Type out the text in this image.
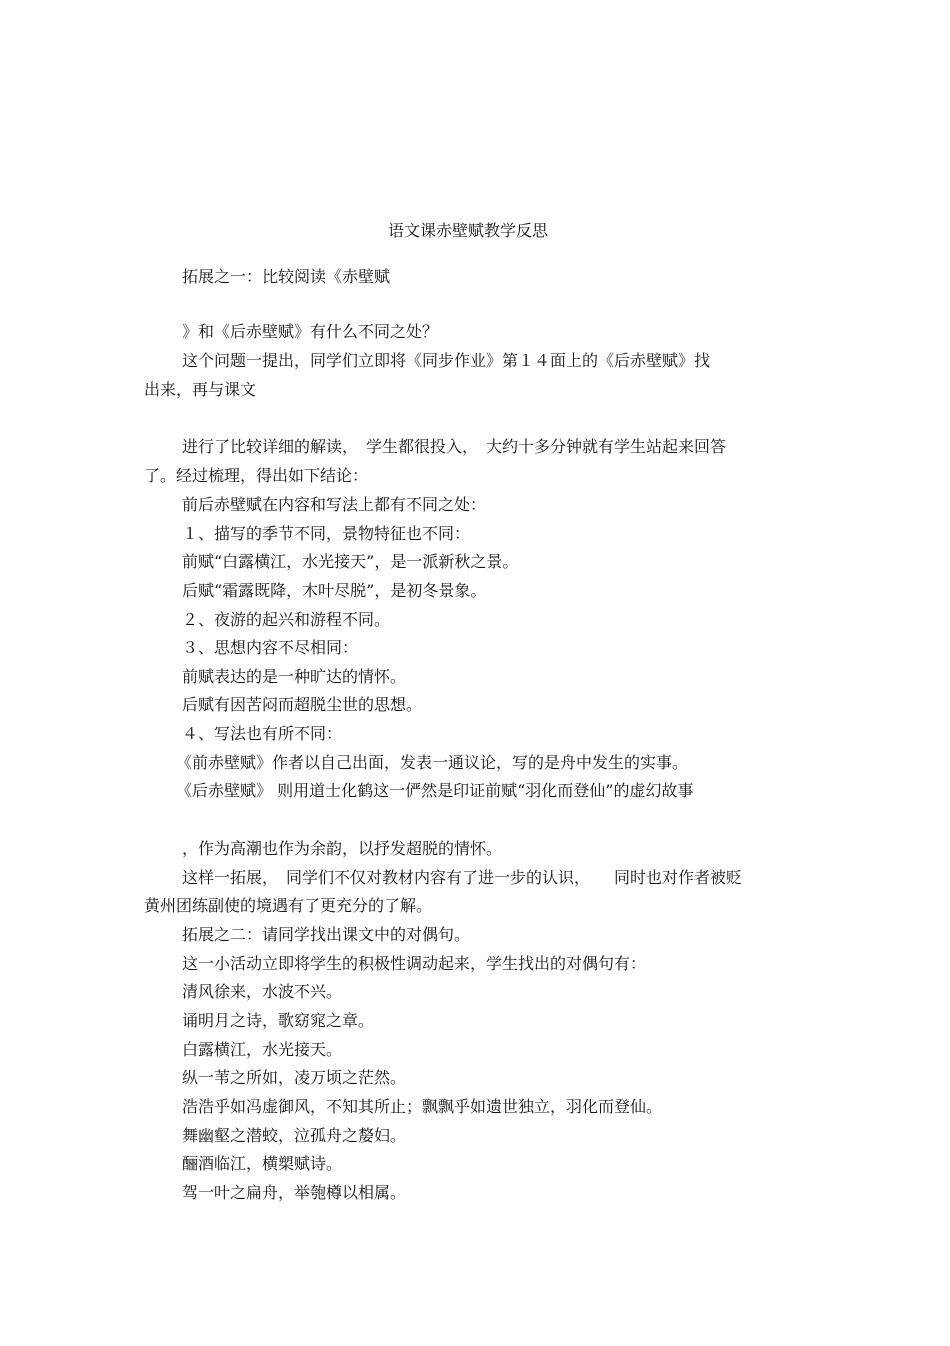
语文课赤壁赋教学反思
拓展之一：比较阅读《赤壁赋
》和《后赤壁赋》有什么不同之处？
这个问题一提出，同学们立即将《同步作业》第１４面上的《后赤壁赋》找
出来，再与课文
进行了比较详细的解读，　学生都很投入，　大约十多分钟就有学生站起来回答
了。经过梳理，得出如下结论：
前后赤壁赋在内容和写法上都有不同之处：
１、描写的季节不同，景物特征也不同：
前赋“白露横江，水光接天”，是一派新秋之景。
后赋“霜露既降，木叶尽脱”，是初冬景象。
２、夜游的起兴和游程不同。
３、思想内容不尽相同：
前赋表达的是一种旷达的情怀。
后赋有因苦闷而超脱尘世的思想。
４、写法也有所不同：
《前赤壁赋》作者以自己出面，发表一通议论，写的是舟中发生的实事。
《后赤壁赋》 则用道士化鹤这一俨然是印证前赋“羽化而登仙”的虚幻故事
，作为高潮也作为余韵，以抒发超脱的情怀。
这样一拓展，　同学们不仅对教材内容有了进一步的认识，　　同时也对作者被贬
黄州团练副使的境遇有了更充分的了解。
拓展之二：请同学找出课文中的对偶句。
这一小活动立即将学生的积极性调动起来，学生找出的对偶句有：
清风徐来，水波不兴。
诵明月之诗，歌窈窕之章。
白露横江，水光接天。
纵一苇之所如，凌万顷之茫然。
浩浩乎如冯虚御风，不知其所止；飘飘乎如遗世独立，羽化而登仙。
舞幽壑之潜蛟，泣孤舟之嫠妇。
酾酒临江，横槊赋诗。
驾一叶之扁舟，举匏樽以相属。
